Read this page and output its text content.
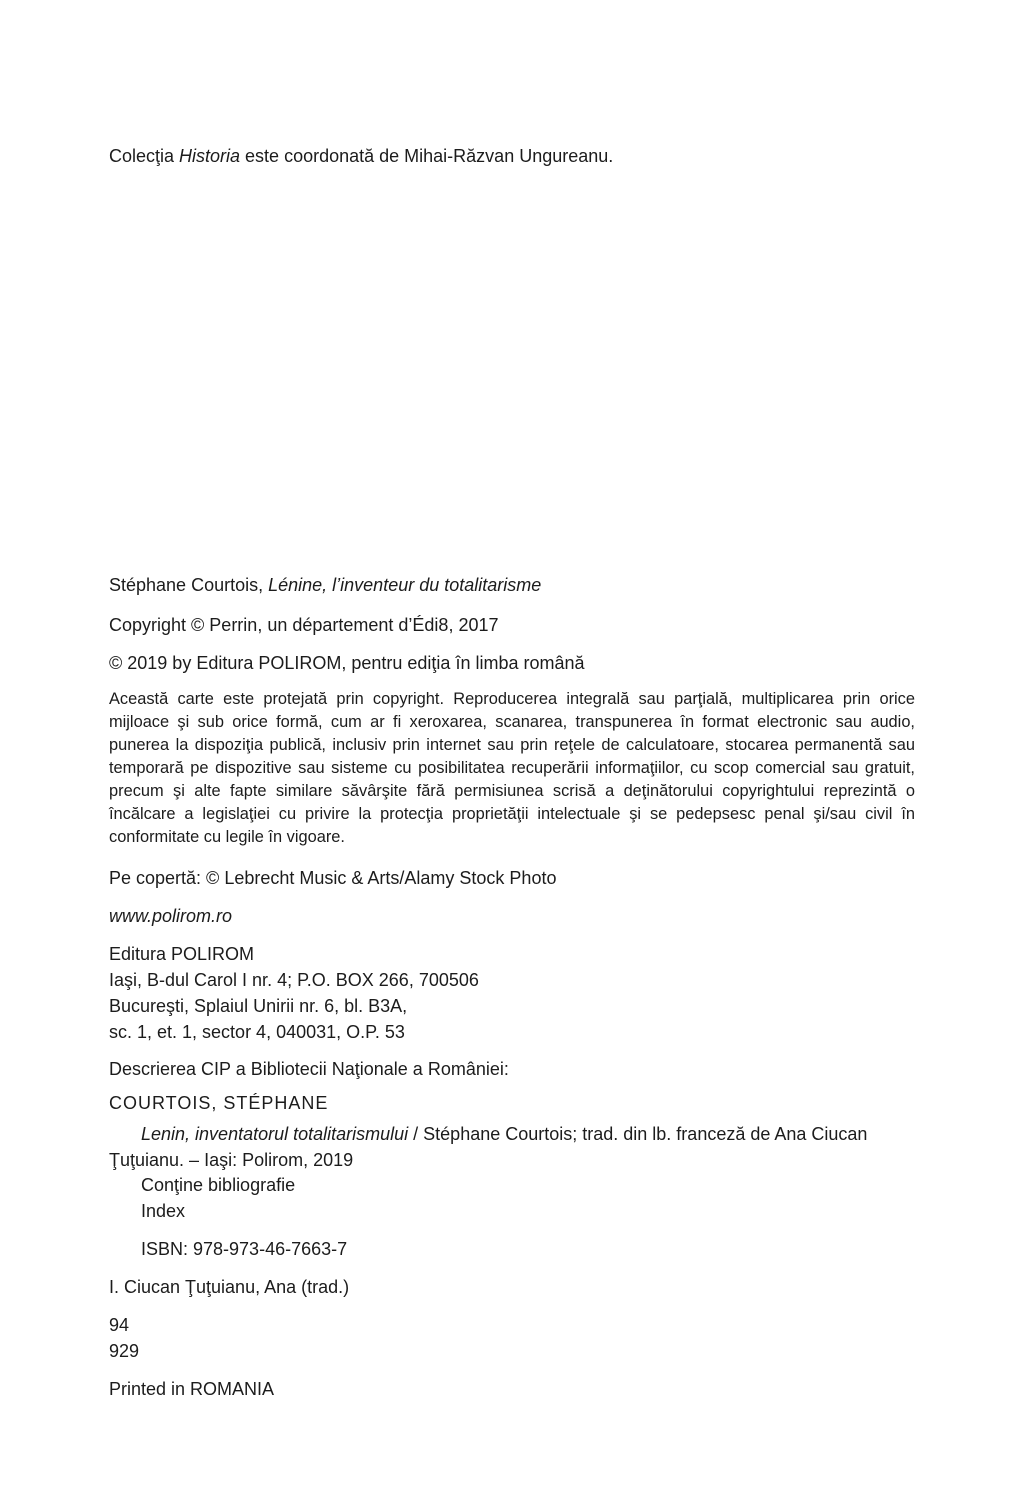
Colecţia Historia este coordonată de Mihai-Răzvan Ungureanu.

Stéphane Courtois, Lénine, l’inventeur du totalitarisme

Copyright © Perrin, un département d’Édi8, 2017

© 2019 by Editura POLIROM, pentru ediţia în limba română

Această carte este protejată prin copyright. Reproducerea integrală sau parţială, multiplicarea prin orice mijloace şi sub orice formă, cum ar fi xeroxarea, scanarea, transpunerea în format electronic sau audio, punerea la dispoziţia publică, inclusiv prin internet sau prin reţele de calculatoare, stocarea permanentă sau temporară pe dispozitive sau sisteme cu posibilitatea recuperării informaţiilor, cu scop comercial sau gratuit, precum şi alte fapte similare săvârşite fără permisiunea scrisă a deţinătorului copyrightului reprezintă o încălcare a legislaţiei cu privire la protecţia proprietăţii intelectuale şi se pedepsesc penal şi/sau civil în conformitate cu legile în vigoare.

Pe copertă: © Lebrecht Music & Arts/Alamy Stock Photo

www.polirom.ro

Editura POLIROM
Iaşi, B-dul Carol I nr. 4; P.O. BOX 266, 700506
Bucureşti, Splaiul Unirii nr. 6, bl. B3A,
sc. 1, et. 1, sector 4, 040031, O.P. 53

Descrierea CIP a Bibliotecii Naţionale a României:

COURTOIS, STÉPHANE

Lenin, inventatorul totalitarismului / Stéphane Courtois; trad. din lb. franceză de Ana Ciucan
Ţuţuianu. – Iaşi: Polirom, 2019
Conţine bibliografie
Index

ISBN: 978-973-46-7663-7

I. Ciucan Ţuţuianu, Ana (trad.)

94
929

Printed in ROMANIA
